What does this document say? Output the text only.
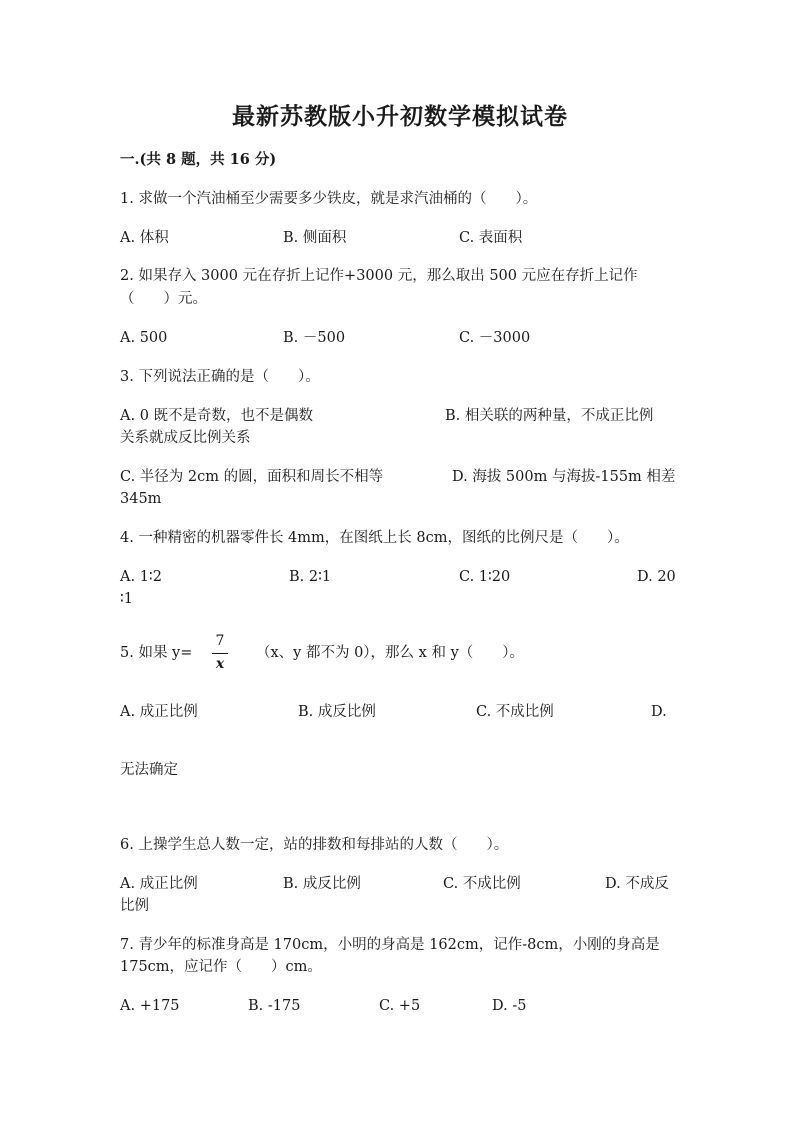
最新苏教版小升初数学模拟试卷
一.(共 8 题，共 16 分)
1. 求做一个汽油桶至少需要多少铁皮，就是求汽油桶的（　　）。
A. 体积	B. 侧面积	C. 表面积
2. 如果存入 3000 元在存折上记作+3000 元，那么取出 500 元应在存折上记作
（　　）元。
A. 500	B. －500	C. －3000
3. 下列说法正确的是（　　）。
A. 0 既不是奇数，也不是偶数	B. 相关联的两种量，不成正比例
关系就成反比例关系
C. 半径为 2cm 的圆，面积和周长不相等	D. 海拔 500m 与海拔-155m 相差
345m
4. 一种精密的机器零件长 4mm，在图纸上长 8cm，图纸的比例尺是（　　）。
A. 1∶2	B. 2∶1	C. 1∶20	D. 20
∶1
5. 如果 y=
7
x
（x、y 都不为 0），那么 x 和 y（　　）。
A. 成正比例	B. 成反比例	C. 不成比例	D.
无法确定
6. 上操学生总人数一定，站的排数和每排站的人数（　　）。
A. 成正比例	B. 成反比例	C. 不成比例	D. 不成反
比例
7. 青少年的标准身高是 170cm，小明的身高是 162cm，记作-8cm，小刚的身高是
175cm，应记作（　　）cm。
A. +175	B. -175	C. +5	D. -5
